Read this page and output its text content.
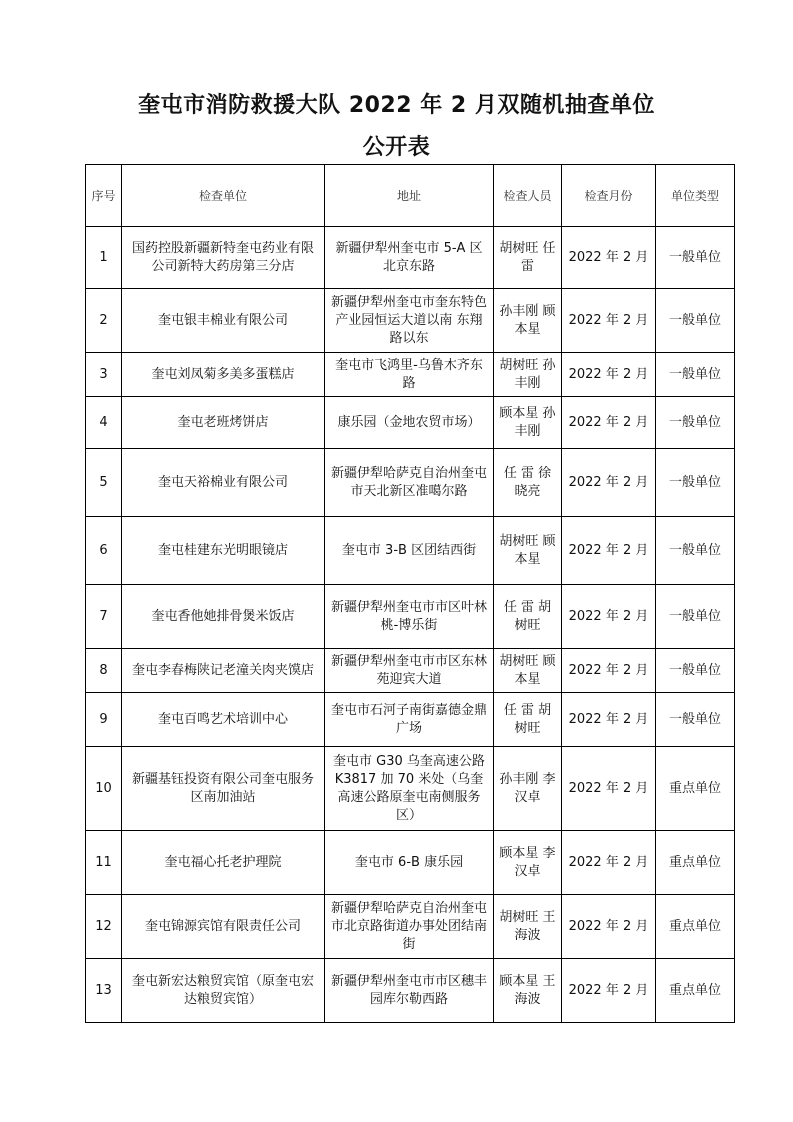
奎屯市消防救援大队 2022 年 2 月双随机抽查单位
公开表
序号	检查单位	地址	检查人员	检查月份	单位类型
1	国药控股新疆新特奎屯药业有限公司新特大药房第三分店	新疆伊犁州奎屯市 5-A 区北京东路	胡树旺 任 雷	2022 年 2 月	一般单位
2	奎屯银丰棉业有限公司	新疆伊犁州奎屯市奎东特色产业园恒运大道以南 东翔路以东	孙丰刚 顾本星	2022 年 2 月	一般单位
3	奎屯刘凤菊多美多蛋糕店	奎屯市飞鸿里-乌鲁木齐东路	胡树旺 孙丰刚	2022 年 2 月	一般单位
4	奎屯老班烤饼店	康乐园（金地农贸市场）	顾本星 孙丰刚	2022 年 2 月	一般单位
5	奎屯天裕棉业有限公司	新疆伊犁哈萨克自治州奎屯市天北新区准噶尔路	任 雷 徐晓亮	2022 年 2 月	一般单位
6	奎屯桂建东光明眼镜店	奎屯市 3-B 区团结西街	胡树旺 顾本星	2022 年 2 月	一般单位
7	奎屯香他她排骨煲米饭店	新疆伊犁州奎屯市市区叶林桃-博乐街	任 雷 胡树旺	2022 年 2 月	一般单位
8	奎屯李春梅陕记老潼关肉夹馍店	新疆伊犁州奎屯市市区东林苑迎宾大道	胡树旺 顾本星	2022 年 2 月	一般单位
9	奎屯百鸣艺术培训中心	奎屯市石河子南街嘉德金鼎广场	任 雷 胡树旺	2022 年 2 月	一般单位
10	新疆基钰投资有限公司奎屯服务区南加油站	奎屯市 G30 乌奎高速公路 K3817 加 70 米处（乌奎高速公路原奎屯南侧服务区）	孙丰刚 李汉卓	2022 年 2 月	重点单位
11	奎屯福心托老护理院	奎屯市 6-B 康乐园	顾本星 李汉卓	2022 年 2 月	重点单位
12	奎屯锦源宾馆有限责任公司	新疆伊犁哈萨克自治州奎屯市北京路街道办事处团结南街	胡树旺 王海波	2022 年 2 月	重点单位
13	奎屯新宏达粮贸宾馆（原奎屯宏达粮贸宾馆）	新疆伊犁州奎屯市市区穗丰园库尔勒西路	顾本星 王海波	2022 年 2 月	重点单位
